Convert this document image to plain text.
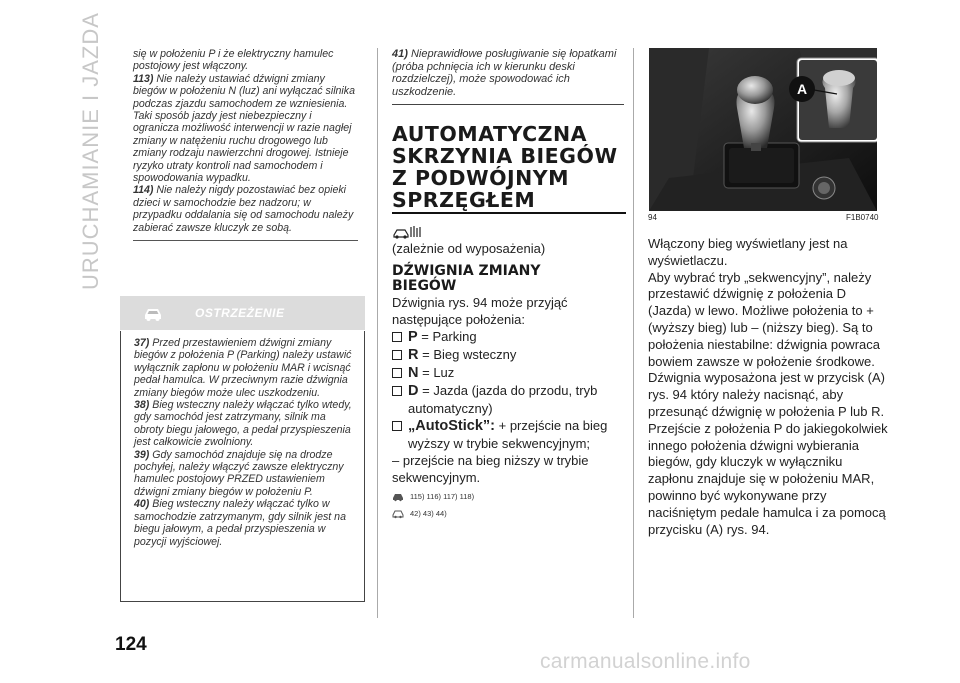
URUCHAMIANIE I JAZDA	się w położeniu P i że elektryczny hamulec postojowy jest włączony.
113) Nie należy ustawiać dźwigni zmiany biegów w położeniu N (luz) ani wyłączać silnika podczas zjazdu samochodem ze wzniesienia. Taki sposób jazdy jest niebezpieczny i ogranicza możliwość interwencji w razie nagłej zmiany w natężeniu ruchu drogowego lub zmiany rodzaju nawierzchni drogowej. Istnieje ryzyko utraty kontroli nad samochodem i spowodowania wypadku.
114) Nie należy nigdy pozostawiać bez opieki dzieci w samochodzie bez nadzoru; w przypadku oddalania się od samochodu należy zabierać zawsze kluczyk ze sobą.
OSTRZEŻENIE
37) Przed przestawieniem dźwigni zmiany biegów z położenia P (Parking) należy ustawić wyłącznik zapłonu w położeniu MAR i wcisnąć pedał hamulca. W przeciwnym razie dźwignia zmiany biegów może ulec uszkodzeniu.
38) Bieg wsteczny należy włączać tylko wtedy, gdy samochód jest zatrzymany, silnik ma obroty biegu jałowego, a pedał przyspieszenia jest całkowicie zwolniony.
39) Gdy samochód znajduje się na drodze pochyłej, należy włączyć zawsze elektryczny hamulec postojowy PRZED ustawieniem dźwigni zmiany biegów w położeniu P.
40) Bieg wsteczny należy włączać tylko w samochodzie zatrzymanym, gdy silnik jest na biegu jałowym, a pedał przyspieszenia w pozycji wyjściowej.
124
41) Nieprawidłowe posługiwanie się łopatkami (próba pchnięcia ich w kierunku deski rozdzielczej), może spowodować ich uszkodzenie.
AUTOMATYCZNA
SKRZYNIA BIEGÓW
Z PODWÓJNYM
SPRZĘGŁEM
(zależnie od wyposażenia)
DŹWIGNIA ZMIANY
BIEGÓW
Dźwignia rys. 94 może przyjąć następujące położenia:
P = Parking
R = Bieg wsteczny
N = Luz
D = Jazda (jazda do przodu, tryb automatyczny)
„AutoStick”: + przejście na bieg wyższy w trybie sekwencyjnym;
– przejście na bieg niższy w trybie sekwencyjnym.
115) 116) 117) 118)
42) 43) 44)
A
94	F1B0740

Włączony bieg wyświetlany jest na wyświetlaczu.

Aby wybrać tryb „sekwencyjny”, należy przestawić dźwignię z położenia D (Jazda) w lewo. Możliwe położenia to + (wyższy bieg) lub – (niższy bieg). Są to położenia niestabilne: dźwignia powraca bowiem zawsze w położenie środkowe.

Dźwignia wyposażona jest w przycisk (A) rys. 94 który należy nacisnąć, aby przesunąć dźwignię w położenia P lub R.

Przejście z położenia P do jakiegokolwiek innego położenia dźwigni wybierania biegów, gdy kluczyk w wyłączniku zapłonu znajduje się w położeniu MAR, powinno być wykonywane przy naciśniętym pedale hamulca i za pomocą przycisku (A) rys. 94.

carmanualsonline.info
